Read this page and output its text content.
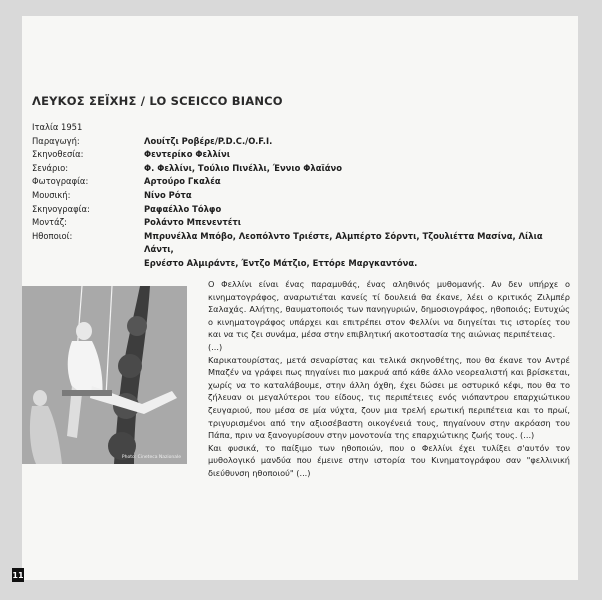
ΛΕΥΚΟΣ ΣΕΪΧΗΣ / LO SCEICCO BIANCO
Ιταλία 1951
Παραγωγή:	Λουίτζι Ροβέρε/P.D.C./O.F.I.
Σκηνοθεσία:	Φεντερίκο Φελλίνι
Σενάριο:	Φ. Φελλίνι, Τούλιο Πινέλλι, Έννιο Φλαϊάνο
Φωτογραφία:	Αρτούρο Γκαλέα
Μουσική:	Νίνο Ρότα
Σκηνογραφία:	Ραφαέλλο Τόλφο
Μοντάζ:	Ρολάντο Μπενεντέτι
Ηθοποιοί:	Μπρυνέλλα Μπόβο, Λεοπόλντο Τριέστε, Αλμπέρτο Σόρντι, Τζουλιέττα Μασίνα, Λίλια Λάντι,
Ερνέστο Αλμιράντε, Έντζο Μάτζιο, Εττόρε Μαργκαντόνα.
Photo: Cineteca Nazionale

Ο Φελλίνι είναι ένας παραμυθάς, ένας αληθινός μυθομανής. Αν δεν υπήρχε ο κινηματογράφος, αναρωτιέται κανείς τί δουλειά θα έκανε, λέει ο κριτικός Ζιλμπέρ Σαλαχάς. Αλήτης, θαυματοποιός των πανηγυριών, δημοσιογράφος, ηθοποιός; Ευτυχώς ο κινηματογράφος υπάρχει και επιτρέπει στον Φελλίνι να διηγείται τις ιστορίες του και να τις ζει συνάμα, μέσα στην επιβλητική ακοτοστασία της αιώνιας περιπέτειας.

(...)

Καρικατουρίστας, μετά σεναρίστας και τελικά σκηνοθέτης, που θα έκανε τον Αντρέ Μπαζέν να γράφει πως πηγαίνει πιο μακρυά από κάθε άλλο νεορεαλιστή και βρίσκεται, χωρίς να το καταλάβουμε, στην άλλη όχθη, έχει δώσει με οστυρικό κέφι, που θα το ζήλευαν οι μεγαλύτεροι του είδους, τις περιπέτειες ενός νιόπαντρου επαρχιώτικου ζευγαριού, που μέσα σε μία νύχτα, ζουν μια τρελή ερωτική περιπέτεια και το πρωί, τριγυρισμένοι από την αξιοσέβαστη οικογένειά τους, πηγαίνουν στην ακρόαση του Πάπα, πριν να ξανογυρίσουν στην μονοτονία της επαρχιώτικης ζωής τους. (...)

Και φυσικά, το παίξιμο των ηθοποιών, που ο Φελλίνι έχει τυλίξει σ'αυτόν τον μυθολογικό μανδύα που έμεινε στην ιστορία του Κινηματογράφου σαν "φελλινική διεύθυνση ηθοποιού" (...)

11
